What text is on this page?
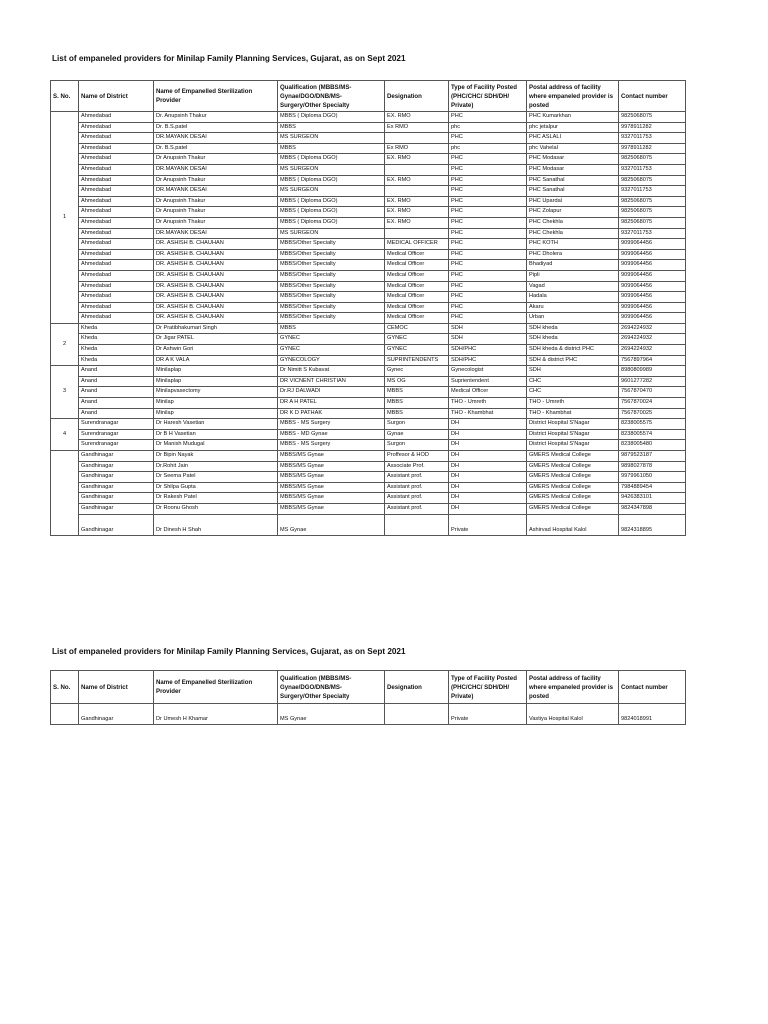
List of empaneled providers for Minilap Family Planning Services, Gujarat, as on Sept 2021
S. No.	Name of District	Name of Empanelled Sterilization Provider	Qualification (MBBS/MS-Gynae/DGO/DNB/MS-Surgery/Other Specialty	Designation	Type of Facility Posted (PHC/CHC/ SDH/DH/ Private)	Postal address of facility where empaneled provider is posted	Contact number
1	Ahmedabad	Dr. Anupsinh Thakur	MBBS ( Diploma DGO)	EX. RMO	PHC	PHC Kumarkhan	9825068075
	Ahmedabad	Dr. B.S.patel	MBBS	Ex RMO	phc	phc jetalpur	9978911282
	Ahmedabad	DR.MAYANK DESAI	MS SURGEON		PHC	PHC ASLALI	9327011753
	Ahmedabad	Dr. B.S.patel	MBBS	Ex RMO	phc	phc Vahelal	9978911282
	Ahmedabad	Dr Anupsinh Thakur	MBBS ( Diploma DGO)	EX. RMO	PHC	PHC Modasar	9825068075
	Ahmedabad	DR.MAYANK DESAI	MS SURGEON		PHC	PHC Modasar	9327011753
	Ahmedabad	Dr Anupsinh Thakur	MBBS ( Diploma DGO)	EX. RMO	PHC	PHC Sanathal	9825068075
	Ahmedabad	DR.MAYANK DESAI	MS SURGEON		PHC	PHC Sanathal	9327011753
	Ahmedabad	Dr Anupsinh Thakur	MBBS ( Diploma DGO)	EX. RMO	PHC	PHC Upardal	9825068075
	Ahmedabad	Dr Anupsinh Thakur	MBBS ( Diploma DGO)	EX. RMO	PHC	PHC Zolapur	9825068075
	Ahmedabad	Dr Anupsinh Thakur	MBBS ( Diploma DGO)	EX. RMO	PHC	PHC Chekhla	9825068075
	Ahmedabad	DR.MAYANK DESAI	MS SURGEON		PHC	PHC Chekhla	9327011753
	Ahmedabad	DR. ASHISH B. CHAUHAN	MBBS/Other Specialty	MEDICAL OFFICER	PHC	PHC KOTH	9099064456
	Ahmedabad	DR. ASHISH B. CHAUHAN	MBBS/Other Specialty	Medical Officer	PHC	PHC Dholera	9099064456
	Ahmedabad	DR. ASHISH B. CHAUHAN	MBBS/Other Specialty	Medical Officer	PHC	Bhadiyad	9099064456
	Ahmedabad	DR. ASHISH B. CHAUHAN	MBBS/Other Specialty	Medical Officer	PHC	Pipli	9099064456
	Ahmedabad	DR. ASHISH B. CHAUHAN	MBBS/Other Specialty	Medical Officer	PHC	Vagad	9099064456
	Ahmedabad	DR. ASHISH B. CHAUHAN	MBBS/Other Specialty	Medical Officer	PHC	Hadala	9099064456
	Ahmedabad	DR. ASHISH B. CHAUHAN	MBBS/Other Specialty	Medical Officer	PHC	Akaru	9099064456
	Ahmedabad	DR. ASHISH B. CHAUHAN	MBBS/Other Specialty	Medical Officer	PHC	Urban	9099064456
2	Kheda	Dr Pratibhakumari Singh	MBBS	CEMOC	SDH	SDH kheda	2694224932
	Kheda	Dr Jigar PATEL	GYNEC	GYNEC	SDH	SDH kheda	2694224932
	Kheda	Dr Ashwin Gori	GYNEC	GYNEC	SDH/PHC	SDH kheda & district PHC	2694224932
	Kheda	DR A K VALA	GYNECOLOGY	SUPRINTENDENTS	SDH/PHC	SDH & district PHC	7567897964
3	Anand	Minilaplap	Dr Nimitt S Kubavat	Gynec	Gynecologist	SDH	8980809989
	Anand	Minilaplap	DR VICNENT CHRISTIAN	MS OG	Suprientendent	CHC	9601277282
	Anand	Minilapvasectomy	Dr.RJ DALWADI	MBBS	Medical Officer	CHC	7567870470
	Anand	Minilap	DR A H PATEL	MBBS	THO - Umreth	THO - Umreth	7567870024
	Anand	Minilap	DR K D PATHAK	MBBS	THO - Khambhat	THO - Khambhat	7567870025
4	Surendranagar	Dr Haresh Vasetian	MBBS - MS Surgery	Surgon	DH	District Hospital S'Nagar	8238005575
	Surendranagar	Dr B H Vasetian	MBBS - MD Gynae	Gynae	DH	District Hospital S'Nagar	8238005574
	Surendranagar	Dr Manish Mudugal	MBBS - MS Surgery	Surgon	DH	District Hospital S'Nagar	8238005480
	Gandhinagar	Dr Bipin Nayak	MBBS/MS Gynae	Proffesor & HOD	DH	GMERS Medical College	9879523187
	Gandhinagar	Dr.Rohit Jain	MBBS/MS Gynae	Associate Prof.	DH	GMERS Medical College	9898027878
	Gandhinagar	Dr Seema Patel	MBBS/MS Gynae	Assistant prof.	DH	GMERS Medical College	9979961050
	Gandhinagar	Dr Shilpa Gupta	MBBS/MS Gynae	Assistant prof.	DH	GMERS Medical College	7984889454
	Gandhinagar	Dr Rakesh Patel	MBBS/MS Gynae	Assistant prof.	DH	GMERS Medical College	9426383101
	Gandhinagar	Dr Roonu Ghosh	MBBS/MS Gynae	Assistant prof.	DH	GMERS Medical College	9824347898
	Gandhinagar	Dr Dinesh H Shah	MS Gynae		Private	Ashirvad Hospital Kalol	9824318895
List of empaneled providers for Minilap Family Planning Services, Gujarat, as on Sept 2021
S. No.	Name of District	Name of Empanelled Sterilization Provider	Qualification (MBBS/MS-Gynae/DGO/DNB/MS-Surgery/Other Specialty	Designation	Type of Facility Posted (PHC/CHC/ SDH/DH/ Private)	Postal address of facility where empaneled provider is posted	Contact number
	Gandhinagar	Dr Umesh H Khamar	MS Gynae		Private	Vastiya Hospital Kalol	9824018991
